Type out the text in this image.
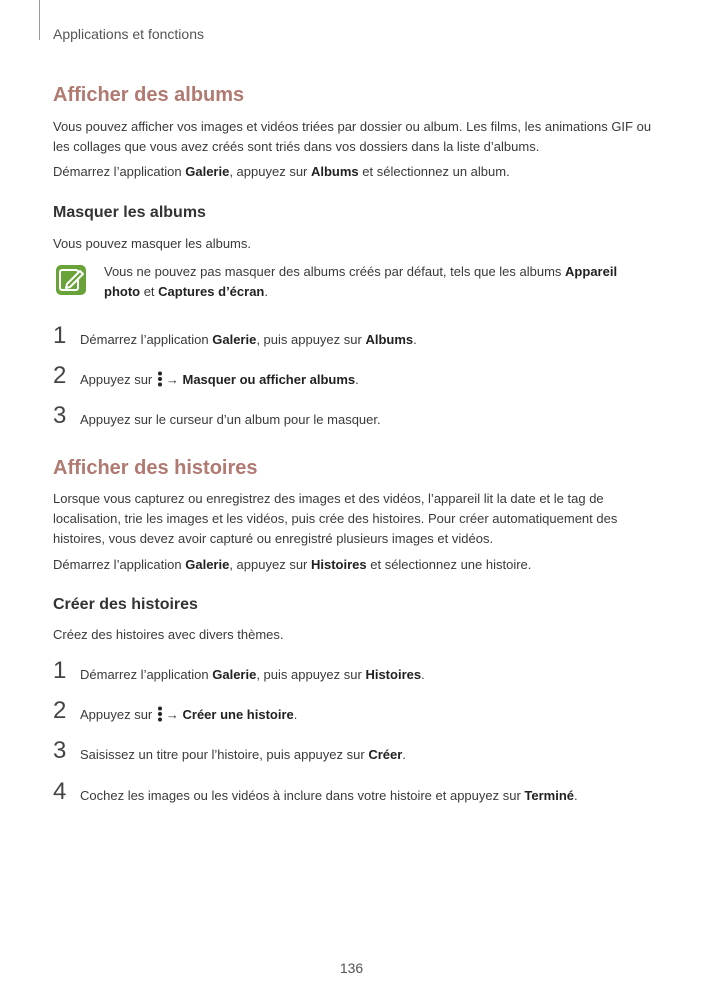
Applications et fonctions
Afficher des albums

Vous pouvez afficher vos images et vidéos triées par dossier ou album. Les films, les animations GIF ou les collages que vous avez créés sont triés dans vos dossiers dans la liste d’albums.

Démarrez l’application Galerie, appuyez sur Albums et sélectionnez un album.

Masquer les albums

Vous pouvez masquer les albums.

Vous ne pouvez pas masquer des albums créés par défaut, tels que les albums Appareil photo et Captures d’écran.
1	Démarrez l’application Galerie, puis appuyez sur Albums.
2	Appuyez sur → Masquer ou afficher albums.
3	Appuyez sur le curseur d’un album pour le masquer.
Afficher des histoires

Lorsque vous capturez ou enregistrez des images et des vidéos, l’appareil lit la date et le tag de localisation, trie les images et les vidéos, puis crée des histoires. Pour créer automatiquement des histoires, vous devez avoir capturé ou enregistré plusieurs images et vidéos.

Démarrez l’application Galerie, appuyez sur Histoires et sélectionnez une histoire.

Créer des histoires

Créez des histoires avec divers thèmes.

1	Démarrez l’application Galerie, puis appuyez sur Histoires.
2	Appuyez sur → Créer une histoire.
3	Saisissez un titre pour l’histoire, puis appuyez sur Créer.
4	Cochez les images ou les vidéos à inclure dans votre histoire et appuyez sur Terminé.
136
